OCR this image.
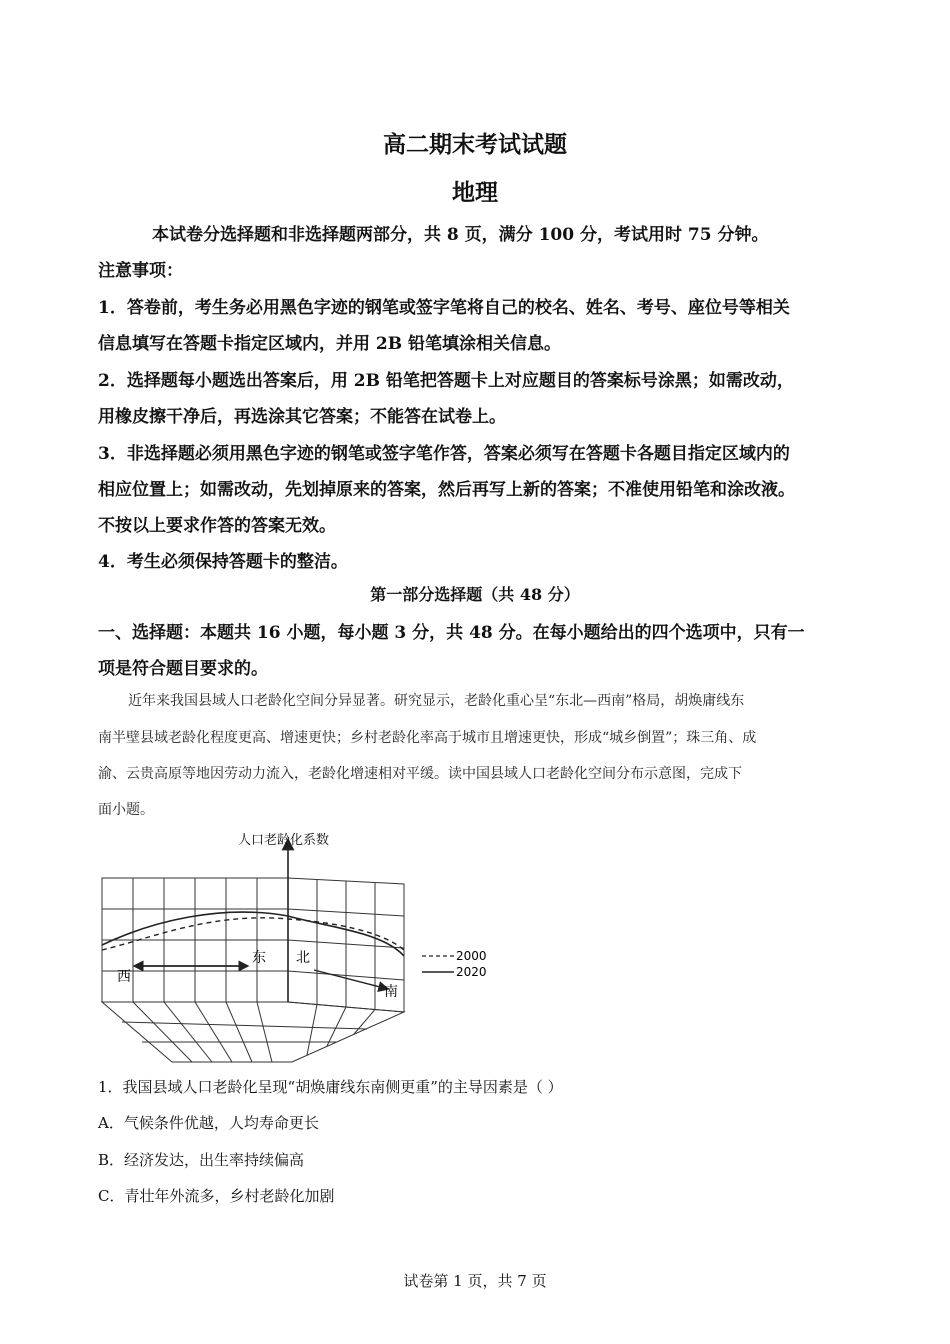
高二期末考试试题
地理
本试卷分选择题和非选择题两部分，共 8 页，满分 100 分，考试用时 75 分钟。
注意事项：
1．答卷前，考生务必用黑色字迹的钢笔或签字笔将自己的校名、姓名、考号、座位号等相关
信息填写在答题卡指定区域内，并用 2B 铅笔填涂相关信息。
2．选择题每小题选出答案后，用 2B 铅笔把答题卡上对应题目的答案标号涂黑；如需改动，
用橡皮擦干净后，再选涂其它答案；不能答在试卷上。
3．非选择题必须用黑色字迹的钢笔或签字笔作答，答案必须写在答题卡各题目指定区域内的
相应位置上；如需改动，先划掉原来的答案，然后再写上新的答案；不准使用铅笔和涂改液。
不按以上要求作答的答案无效。
4．考生必须保持答题卡的整洁。
第一部分选择题（共 48 分）
一、选择题：本题共 16 小题，每小题 3 分，共 48 分。在每小题给出的四个选项中，只有一
项是符合题目要求的。
近年来我国县域人口老龄化空间分异显著。研究显示，老龄化重心呈“东北—西南”格局，胡焕庸线东
南半壁县域老龄化程度更高、增速更快；乡村老龄化率高于城市且增速更快，形成“城乡倒置”；珠三角、成
渝、云贵高原等地因劳动力流入，老龄化增速相对平缓。读中国县域人口老龄化空间分布示意图，完成下
面小题。
人口老龄化系数
西
东 北
南
2000
2020
1．我国县域人口老龄化呈现“胡焕庸线东南侧更重”的主导因素是（ ）
A．气候条件优越，人均寿命更长
B．经济发达，出生率持续偏高
C．青壮年外流多，乡村老龄化加剧
试卷第 1 页，共 7 页
